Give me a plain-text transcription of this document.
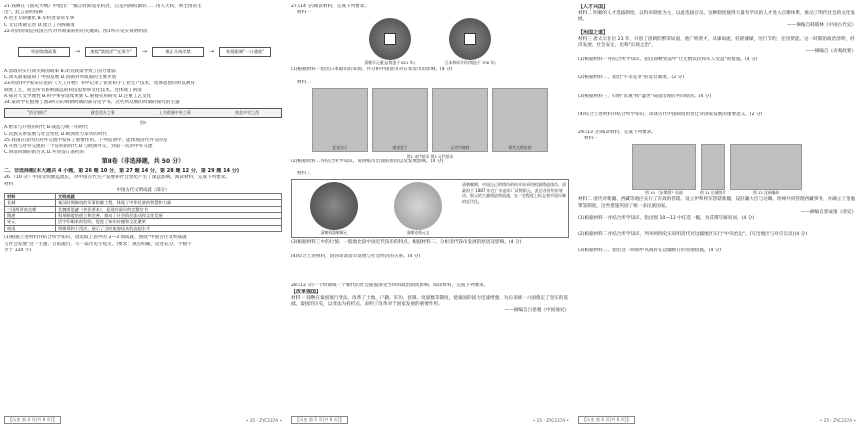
21.钱穆在《国史大纲》中指出："雍正时期设军机处，自是内阁权渐轻……用人大权，则全由帝主
出"。此言表明钱穆
A.君主专制强化 B.军机处掌管军事
C.文官体制完善 D.建立了内阁制度
22.明清时期是我国古代对外政策转折的关键期。图1所示史实说明明清
明初海禁政策	→	康熙"禁南洋""迁海令"	→	雍正开南洋禁	→	乾隆限制"一口通商"
A.清政府实行闭关锁国政策 B.闭关政策导致了国力衰弱
C.闭关政策阻碍了中国发展 D.清朝对外政策的主要矛盾
23.明清科学家宋应星的《天工开物》书中记录了农业和手工业生产技术，集体思想同时以教育
制度工艺，而且所有影响深远的科技思想和文化技术。这体现了明清
A.探讨天文学理性 B.科学事业延续更新 C.重视实用研究 D.注重工艺文化
24.某同学在整理了图3所示的明朝时期的部分史学书，这些所反映的时期的探究的主题
"西方知识"	就会西方之事	上书借鉴中外之事	南北中学之西
图3
A.繁荣与开放的时代 B.战乱与统一的时代
C.民族关系发展与社会变化 D.欧洲势力来华的时代
25.我国在清代的对外交流中发挥了重要作用。下列选项中，能体现清代外交的是
A.开放与对外交流的一个证明的时代 B.与欧洲外交，到第一次的中外交流
C.明清时期的新方式 D.共同签订条约的
第Ⅱ卷（非选择题，共 50 分）
二、非选择题(本大题共 4 小题，第 26 题 10 分，第 27 题 14 分，第 28 题 12 分，第 29 题 14 分)
26.（10 分）中国文明源远流长，对中国古代生产发展和社会变化产生了深远影响。阅读材料，完成下列要求。
材料
中国古代文明成就（部分）
材料	文明成就
长城	秦汉时期修筑的军事防御工程，体现了中华民族的智慧和力量
三国两晋南北朝	北魏贾思勰《齐民要术》，是现存最早的完整农书
隋唐	科举制度的创立和完善，推动了社会阶层流动和文化发展
宋元	活字印刷术的发明，促进了知识传播和文化繁荣
明清	明朝郑和下西洋，展示了当时航海技术的高超水平
(1)根据上述材料并结合所学知识，请选取上表中的 2—3 项成就，围绕"中国古代文明成就
与社会发展"这一主题，自拟题目，写一篇历史小短文。(要求：观点明确，论述充分，字数不
少于 120 字)
27.(14 分)阅读材料，完成下列要求。
材料一
清朝开元通宝(铸造于 621 年)	日本和同开珎(铸造于 708 年)
(1)根据材料一指出日本铜币的来源，并分析中国货币对日本货币的影响。(4 分)
材料二
北宋交子	南宋会子	元代中统钞	明代大明宝钞
图1 宋代纸币 图2 元代纸币
(2)根据材料二并结合所学知识，说明纸币出现的原因以及发展影响。(4 分)
材料三
清朝机器制铜元	清朝光绪元宝
清朝晚期，中国自己的铸币机构开始采用机器铸造钱币。清政府于 1887 年在广东造币厂试铸银元，此后各省纷纷效仿。银元的大量铸造和流通，在一定程度上标志着中国币制的近代化。
(3)根据材料三中的行情，一般地比较中国近代钱币的特点。根据材料二，分析清代钱币发展的原因及影响。(4 分)
(4)综合上述材料，请你谈谈货币发展与社会经济的关系。(4 分)
28.(12 分)一个时期或一个朝代的社会面貌深受当时的政治制度影响。阅读材料，完成下列要求。
【改革强国】
材料一 商鞅在秦国推行变法，改革了土地、户籍、军功、县制、度量衡等制度，使秦国的国力迅速增强，为后来统一六国奠定了坚实的基础。秦国的历史，以变法为转折点，表明了改革对于国家发展的重要作用。
——摘编自吕思勉《中国通史》
【人才兴国】
材料二 明朝的人才选拔制度，以科举制度为主，以此选拔官员。这种制度使得大量有学识的人才进入官僚体系，推动了明代社会的文化发展。
——摘编自韩儒林《中国古代史》
【治国之道】
材料三 唐太宗在位 23 年，开创了唐朝的繁荣局面，他广纳贤才，从谏如流，轻徭薄赋，厉行节约，任用贤能。这一时期的政治清明，经济发展，社会安定，史称"贞观之治"。
——摘编自《贞观政要》
(1)根据材料一并结合所学知识，指出商鞅变法中"让无数农民和军人受益"的措施。(4 分)
(2)根据材料二，指出"牛等竞争"的选官制度。(2 分)
(3)根据材料三，归纳"贞观"和"盛世"局面出现的共同原因。(4 分)
(4)综合上述材料并结合所学知识，谈谈古代中国制度的变迁对国家发展的重要意义。(2 分)
29.(13 分)阅读材料，完成下列要求。
材料一
图 10 《步辇图》局部	图 11 长城图片	图 12 汉画像砖
材料二 清代对新疆、西藏等地区实行了有效的管辖。设立伊犁将军管辖新疆，设驻藏大臣与达赖、班禅共同管理西藏事务，并确立了金瓶掣签制度。这些措施巩固了统一多民族国家。
——摘编自郭成康《清史》
(1)根据材料一并结合所学知识，指出图 10—12 中任选一幅，为其撰写解说词。(4 分)
(2)根据材料二并结合所学知识，列举两例史实说明清代对边疆地区实行"中央治边"。(写出地区与对应官员)(4 分)
(3)根据材料三，指出这一时期中央政府在边疆推行的管理措施。(4 分)
【历史 第 4 页(共 6 页)】	• 25 - ZYC237A •	【历史 第 5 页(共 6 页)】	• 25 - ZYC237A •	【历史 第 6 页(共 6 页)】	• 25 - ZYC237A •
